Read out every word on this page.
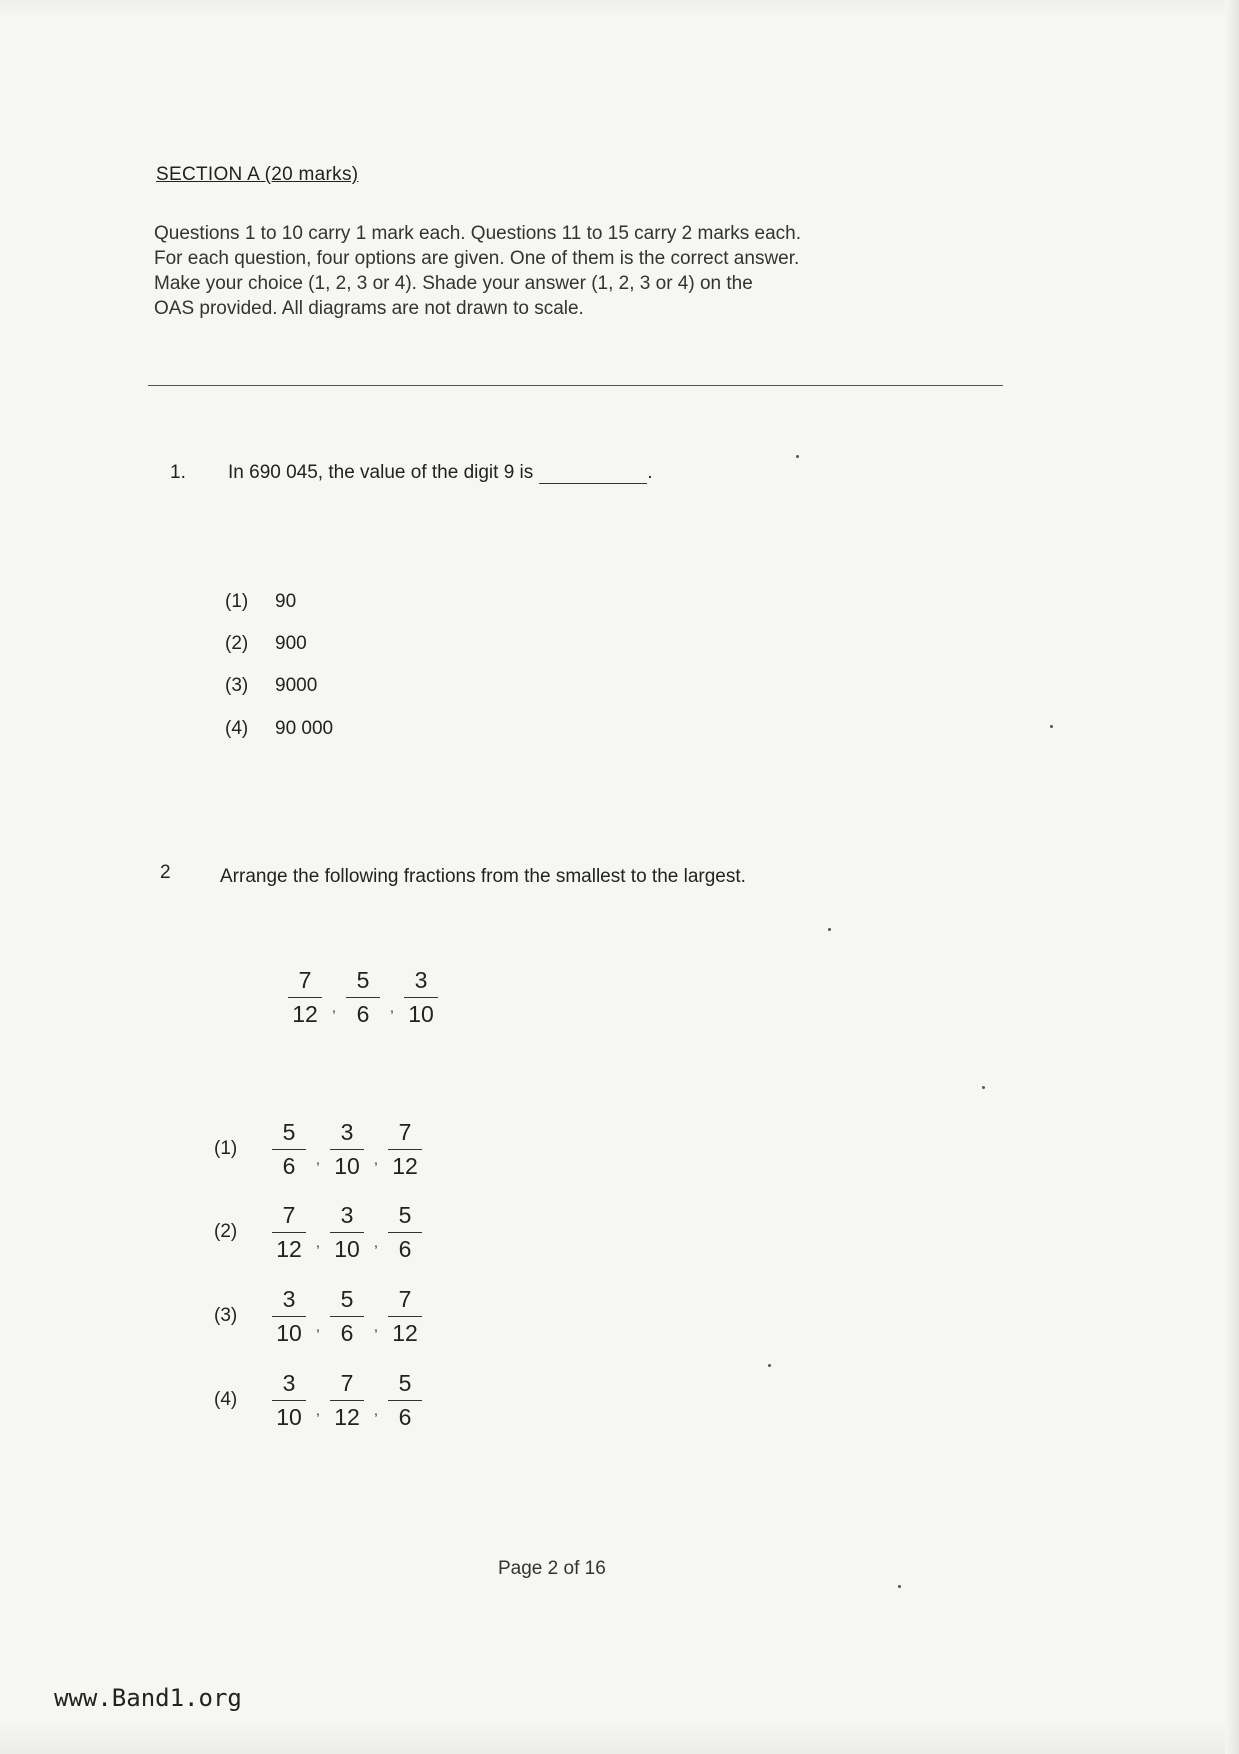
SECTION A (20 marks)
Questions 1 to 10 carry 1 mark each. Questions 11 to 15 carry 2 marks each.
For each question, four options are given. One of them is the correct answer.
Make your choice (1, 2, 3 or 4). Shade your answer (1, 2, 3 or 4) on the
OAS provided. All diagrams are not drawn to scale.
1. In 690 045, the value of the digit 9 is	.
(1) 90
(2) 900
(3) 9000
(4) 90 000
2	Arrange the following fractions from the smallest to the largest.
$\frac{7}{12}$ , $\frac{5}{6}$ , $\frac{3}{10}$
(1)	$\frac{5}{6}$ , $\frac{3}{10}$ , $\frac{7}{12}$
(2)	$\frac{7}{12}$ , $\frac{3}{10}$ , $\frac{5}{6}$
(3)	$\frac{3}{10}$ , $\frac{5}{6}$ , $\frac{7}{12}$
(4)	$\frac{3}{10}$ , $\frac{7}{12}$ , $\frac{5}{6}$
Page 2 of 16
www.Band1.org
